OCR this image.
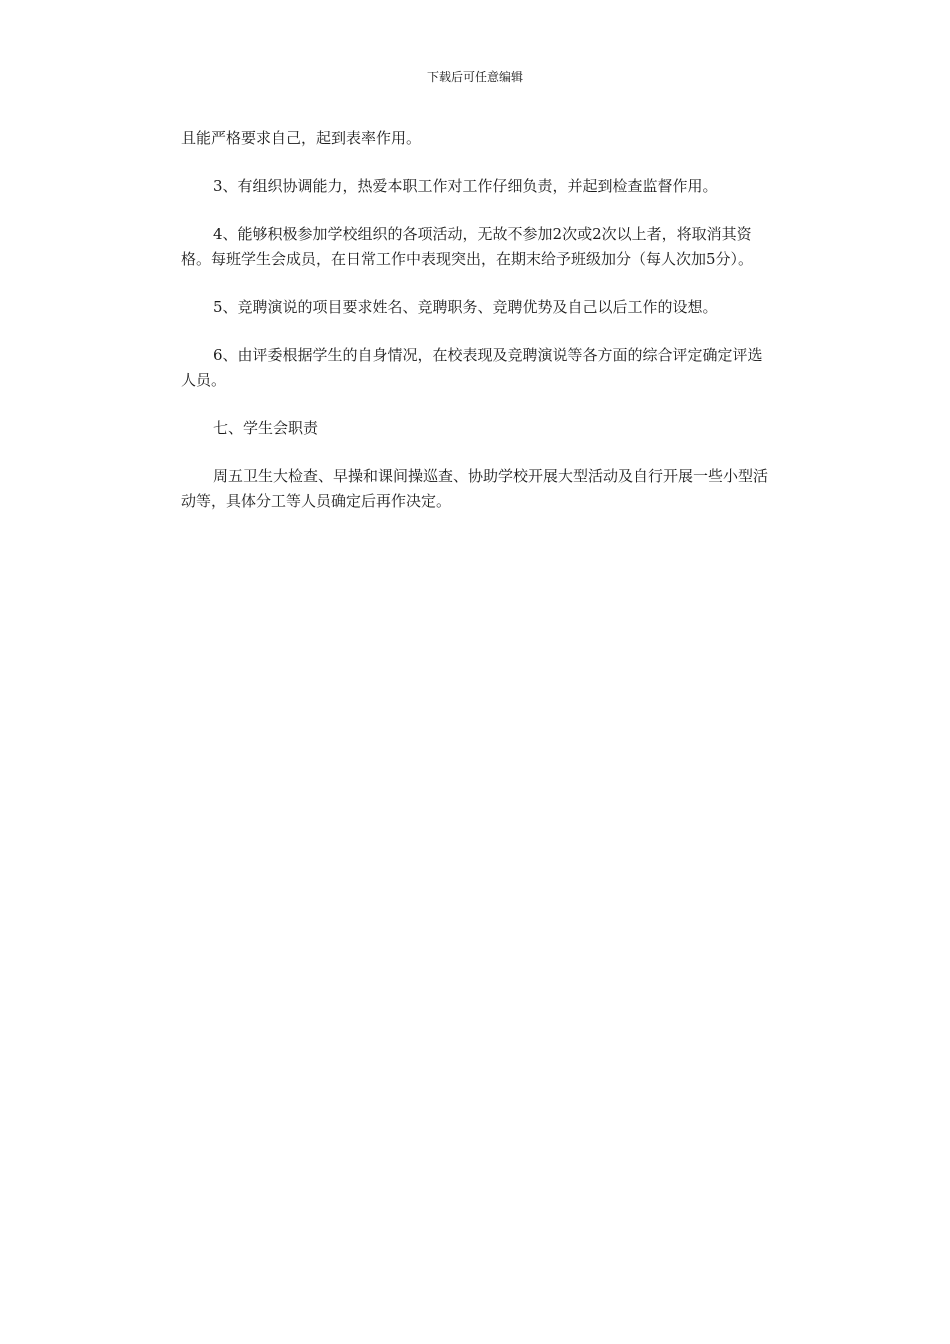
下载后可任意编辑

且能严格要求自己，起到表率作用。

3、有组织协调能力，热爱本职工作对工作仔细负责，并起到检查监督作用。

4、能够积极参加学校组织的各项活动，无故不参加2次或2次以上者，将取消其资格。每班学生会成员，在日常工作中表现突出，在期末给予班级加分（每人次加5分）。

5、竞聘演说的项目要求姓名、竞聘职务、竞聘优势及自己以后工作的设想。

6、由评委根据学生的自身情况，在校表现及竞聘演说等各方面的综合评定确定评选人员。

七、学生会职责

周五卫生大检查、早操和课间操巡查、协助学校开展大型活动及自行开展一些小型活动等，具体分工等人员确定后再作决定。
